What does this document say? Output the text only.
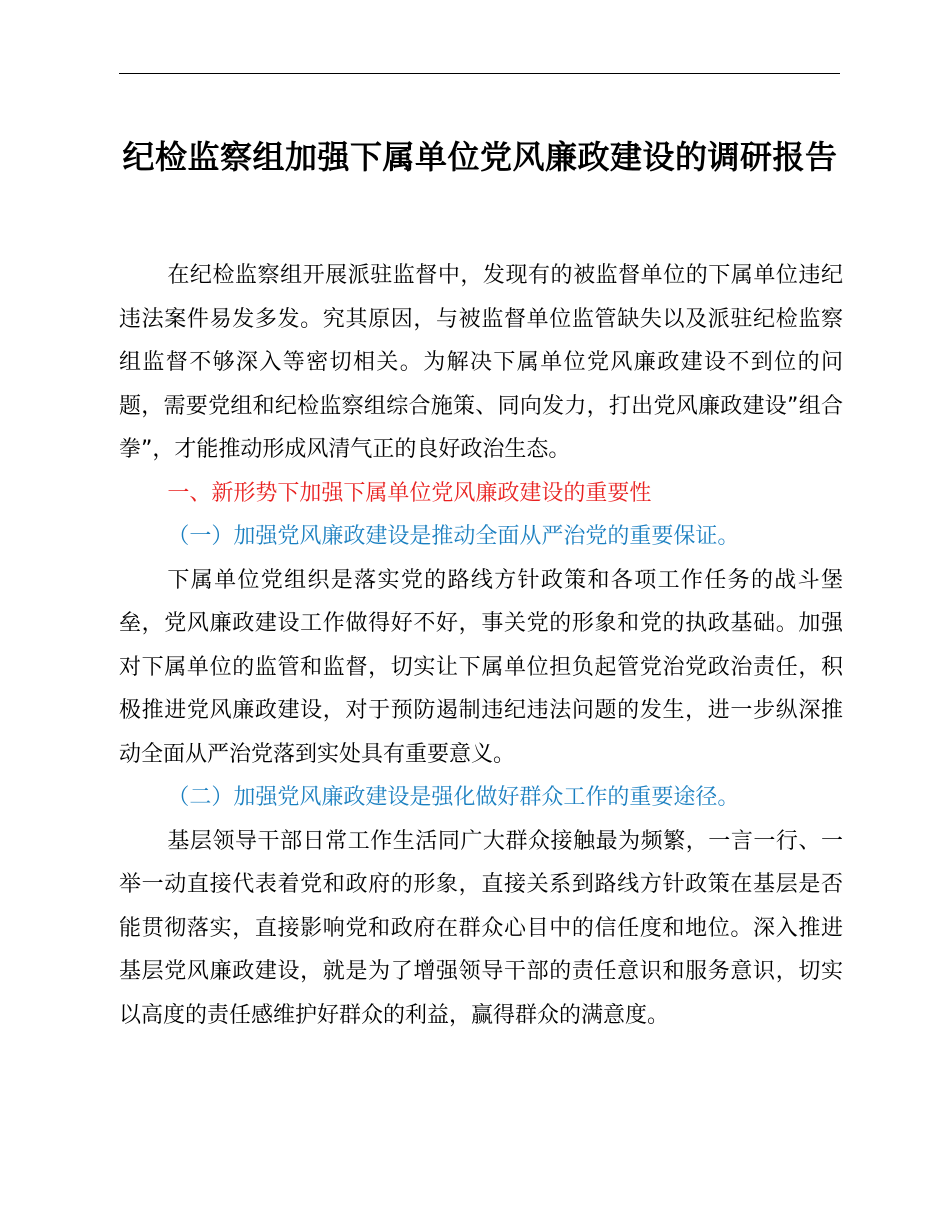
纪检监察组加强下属单位党风廉政建设的调研报告

在纪检监察组开展派驻监督中，发现有的被监督单位的下属单位违纪违法案件易发多发。究其原因，与被监督单位监管缺失以及派驻纪检监察组监督不够深入等密切相关。为解决下属单位党风廉政建设不到位的问题，需要党组和纪检监察组综合施策、同向发力，打出党风廉政建设”组合拳”，才能推动形成风清气正的良好政治生态。

一、新形势下加强下属单位党风廉政建设的重要性

（一）加强党风廉政建设是推动全面从严治党的重要保证。

下属单位党组织是落实党的路线方针政策和各项工作任务的战斗堡垒，党风廉政建设工作做得好不好，事关党的形象和党的执政基础。加强对下属单位的监管和监督，切实让下属单位担负起管党治党政治责任，积极推进党风廉政建设，对于预防遏制违纪违法问题的发生，进一步纵深推动全面从严治党落到实处具有重要意义。

（二）加强党风廉政建设是强化做好群众工作的重要途径。

基层领导干部日常工作生活同广大群众接触最为频繁，一言一行、一举一动直接代表着党和政府的形象，直接关系到路线方针政策在基层是否能贯彻落实，直接影响党和政府在群众心目中的信任度和地位。深入推进基层党风廉政建设，就是为了增强领导干部的责任意识和服务意识，切实以高度的责任感维护好群众的利益，赢得群众的满意度。
